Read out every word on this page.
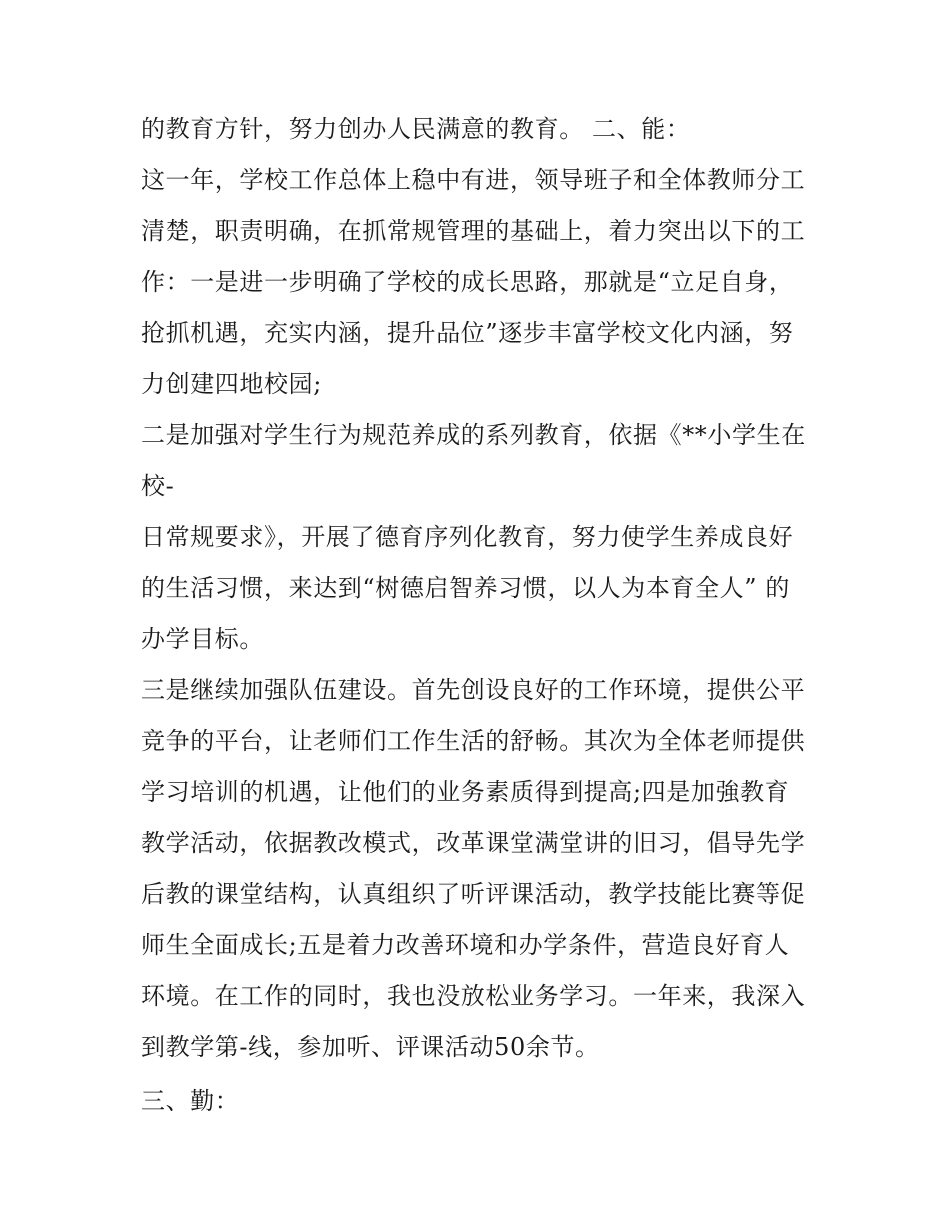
的教育方针，努力创办人民满意的教育。 二、能：
这一年，学校工作总体上稳中有进，领导班子和全体教师分工
清楚，职责明确，在抓常规管理的基础上，着力突出以下的工
作：一是进一步明确了学校的成长思路，那就是“立足自身，
抢抓机遇，充实内涵，提升品位”逐步丰富学校文化内涵，努
力创建四地校园;
二是加强对学生行为规范养成的系列教育，依据《**小学生在
校-
日常规要求》，开展了德育序列化教育，努力使学生养成良好
的生活习惯，来达到“树德启智养习惯，以人为本育全人” 的
办学目标。
三是继续加强队伍建设。首先创设良好的工作环境，提供公平
竞争的平台，让老师们工作生活的舒畅。其次为全体老师提供
学习培训的机遇，让他们的业务素质得到提高;四是加強教育
教学活动，依据教改模式，改革课堂满堂讲的旧习，倡导先学
后教的课堂结构，认真组织了听评课活动，教学技能比赛等促
师生全面成长;五是着力改善环境和办学条件，营造良好育人
环境。在工作的同时，我也没放松业务学习。一年来，我深入
到教学第-线，参加听、评课活动50余节。
三、勤：
